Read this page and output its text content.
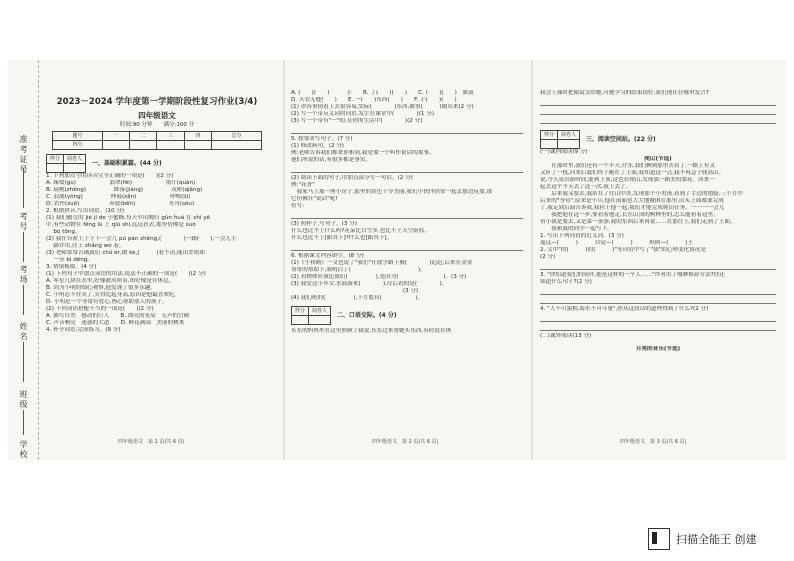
准考证号
考号
考场
姓名
班级
学校
2023－2024 学年度第一学期阶段性复习作业(3/4)
四年级语文
时间:90 分钟　　满分:100 分
题号	一	二	三	四	总分
得分					
得分	阅卷人
	一、基础积累篇。(44 分)

1. 下列加点字的读音完全正确的一项是(　　)(2 分)

A. 缘故(gù)　　　　　　翡翠(fěi)　　　　　　墨汁(quán)

B. 扁桃(zhēng)　　　　　降落(jiàng)　　　　　茂密(qiāng)

C. 浪潮(yōng)　　　　　伸展(zǎn)　　　　　　呼噜(lū)

D. 农作(zuō)　　　　　 奔波(bēn)　　　　　　舟舟(sǒu)

2. 根据拼音,写出词语。(10 分)

(1) 我们勤劳的 jié jí de 小蜜蜂,每天早出晚归 gǔn huà 在 shì yě

中,有些动物在 fēng lù 上 qiú shí,远远看去,那里仿佛是 suǒ

　 bù tōng。

(2) 我在台阶上上下下一会儿 pú pàn zhēng,(　　　　)一路(　　),一会儿手

　 脚并用,往上 zhǎng wò 着。

(3) 老师常常告诫我们 chū ér,做 kè,(　　　)看不清,能出差错却

　 一旁 bì dēng。

3. 情境模拟。(4 分)

(1) 下列句子中加点词语的用法,说法不正确的一项是(　　)(2 分)

A. 零星几块在水里,好像被风吹着,却好像是在休息。

B. 因为小明的细心观察,他发现了很多乐趣。

C. 小明忍不住笑了,笑得比起身高,原因是他最喜欢吃。

D. 小明是一个非常有爱心,热心帮助别人的孩子。

(2) 下列词语搭配不当的一项是(　　)(2 分)

A. 描写自然　感动的巨人　　B. 漂亮的星辰　无声的宫殿

C. 声音响亮　迷惑的大道　　D. 鲜花满园　美丽的树木

4. 补全词语,完成练习。(9 分)

四年级语文　第 1 页(共 6 页)

A. (　　)(　　)　　　手　　B. 了(　　)(　　)　　C. (　　)(　　)　旗鼓

D. 天衣无缝(　　)　　E. 一(　　)东西(　　)　　F. 手(　　)(　　)

(1) 形容事情看上去很容易,实际(　　　　)东西,被事(　　　)做出来(2 分)

(2) 写一个带反义词的词语,发生在课堂中(　　　　)(1 分)

(3) 写一个带有"一"的,在你的生活中(　　　　)(2 分)

5. 按要求写句子。(7 分)

(1) 修改病句。(2 分)

例:老师告诉我们都来你相同,我是要一个叫作说话的故事。

他们所说的话,有很多都是事实。

(2) 阅读下面的句子,用加点部分写一句话。(2 分)

例:"花香"

　我家马上那一座小房子,那里的景色十分美丽,我们小伙伴经常一起去那边玩耍,那

它仿佛在"说话"呢!

仿写:

(3) 照样子,写句子。(3 分)

什么也比不上什么吗?花朵比白雪多,也比不上天空蔚蓝。

什么也比不上[跟其下]?什么也[跟其下]。

6. 根据课文内容填空。(8 分)

(1)《牛和鹅》一文也说了"我们"在放学路上被(　　　　)追赶,后来在金金

哥哥的帮助下,我明白了(　　　　　　　　　　　　)。

(2) 看物体应该比我们(　　　　　),是因为(　　　　　　　　)。(3 分)

(3) 我爱这小乡女,水面游来(　　　　),往后看的是(　　　　)。

　　　　　　　　　　　　　　　　　　　　(3 分)

(4) 我们班的(　　　　　),十月底有(　　　　　　)。

得分	阅卷人
	二、口语交际。(4 分)

东东的妈妈坐在这里照顾了我说,东东过来帮她买东西,有时说在休

四年级语文　第 2 页(共 6 页)

我会上课时把眼镜交给她,可她学习的结果很好,我们现在在哪里发言?

得分	阅卷人
	三、阅读空间站。(22 分)

(一)课内阅读(9 分)

爬山(节选)

　　在那时里,我们还有一个半天,往东,我们俩到那里去看了,一路上有又

又折了一枝,回来后我们终于跑在了上面,我知道这一点,我不再急于爬高山。

说,今天是出游时间,能到上顶,这也在爬山,发现那一路美的梨花。回来一

起去这个半天去了这一次,我上去了。

　　后来我又要去,我站在了往山中央,发现那个小男孩,看到了手边的翅膀,三个月中

后来的"等待",原来是小兵,他在前面也大大地被困在那里,山头上面都要完成

了,我走到后面告诉我,我拉上他一起,我们才能完成爬山任务。一一一一会儿

　　我把他在这一步,要看着他走,长在山顶的树林里的,怎么能看着这里。

看小我是要去,又是第一条条,我的东西后来再说……在那往上,我们走到了上面。

　　我和我的同学一起写下。

1. 写出下列词语的近义词。(3 分)

遥远—(　　　)　　　自觉—(　　　)　　　阿阿—(　　　)王

2. 文中"的(　　　)的(　　　)"等词语中写了"我"的心理变化情况是

(2 分)

3. "你知道我们的同伴,他是这样的一个人……"作者用了哪种修辞方法?你还

知道什么句子?(2 分)

4. "人不可貌相,海水不可斗量",你从这段话的道理得到了什么?(2 分)

(二)课外阅读(13 分)

月亮的音乐(节选)

四年级语文　第 3 页(共 6 页)
扫描全能王 创建
